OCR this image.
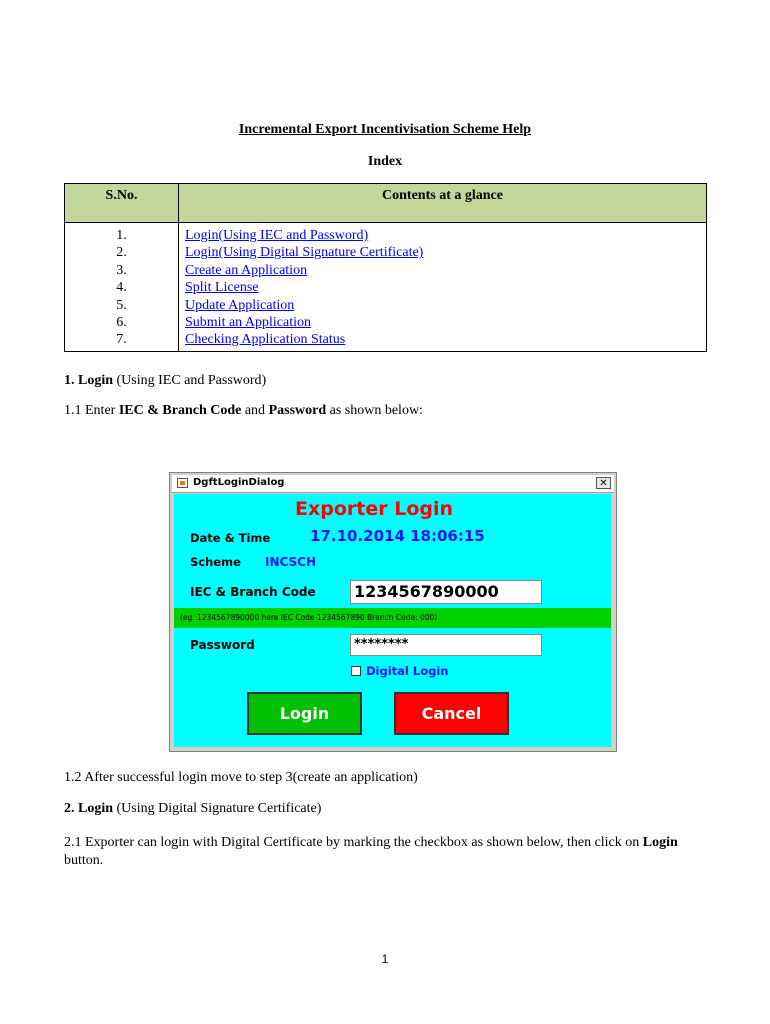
Incremental Export Incentivisation Scheme Help
Index
S.No.	Contents at a glance
1.	Login(Using IEC and Password)
2.	Login(Using Digital Signature Certificate)
3.	Create an Application
4.	Split License
5.	Update Application
6.	Submit an Application
7.	Checking Application Status
1. Login (Using IEC and Password)
1.1 Enter IEC & Branch Code and Password as shown below:
DgftLoginDialog	✕
Exporter Login
Date & Time	17.10.2014 18:06:15
Scheme INCSCH
IEC & Branch Code 1234567890000
(eg. 1234567890000 here IEC Code 1234567890 Branch Code: 000)
Password	********
Digital Login
Login	Cancel
1.2 After successful login move to step 3(create an application)
2. Login (Using Digital Signature Certificate)
2.1 Exporter can login with Digital Certificate by marking the checkbox as shown below, then click on Login button.
1
